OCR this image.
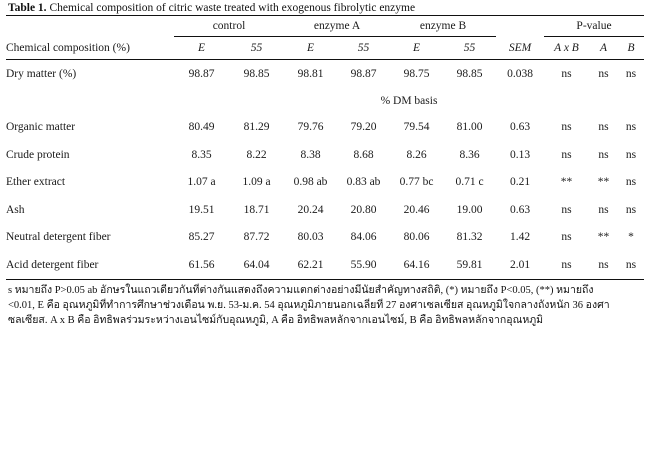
Table 1. Chemical composition of citric waste treated with exogenous fibrolytic enzyme

	control		enzyme A		enzyme B			P-value		
Chemical composition (%)	E	55	E	55	E	55	SEM	A x B	A	B

Dry matter (%)	98.87	98.85	98.81	98.87	98.75	98.85	0.038	ns	ns	ns
	% DM basis									
Organic matter	80.49	81.29	79.76	79.20	79.54	81.00	0.63	ns	ns	ns
Crude protein	8.35	8.22	8.38	8.68	8.26	8.36	0.13	ns	ns	ns
Ether extract	1.07 a	1.09 a	0.98 ab	0.83 ab	0.77 bc	0.71 c	0.21	**	**	ns
Ash	19.51	18.71	20.24	20.80	20.46	19.00	0.63	ns	ns	ns
Neutral detergent fiber	85.27	87.72	80.03	84.06	80.06	81.32	1.42	ns	**	*
Acid detergent fiber	61.56	64.04	62.21	55.90	64.16	59.81	2.01	ns	ns	ns

s หมายถึง P>0.05 ab อักษรในแถวเดียวกันที่ต่างกันแสดงถึงความแตกต่างอย่างมีนัยสำคัญทางสถิติ, (*) หมายถึง P<0.05, (**) หมายถึง
<0.01, E คือ อุณหภูมิที่ทำการศึกษาช่วงเดือน พ.ย. 53-ม.ค. 54 อุณหภูมิภายนอกเฉลี่ยที่ 27 องศาเซลเซียส อุณหภูมิใจกลางถังหนัก 36 องศา
ซลเซียส. A x B คือ อิทธิพลร่วมระหว่างเอนไซม์กับอุณหภูมิ, A คือ อิทธิพลหลักจากเอนไซม์, B คือ อิทธิพลหลักจากอุณหภูมิ
